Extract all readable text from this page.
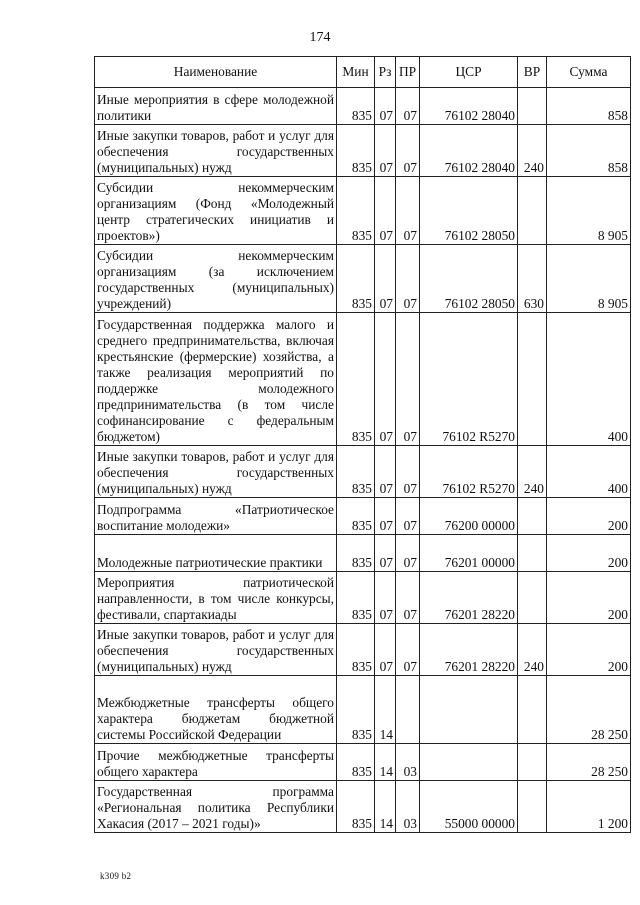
174
Наименование	Мин	Рз	ПР	ЦСР	ВР	Сумма
Иные мероприятия в сфере молодежной политики	835	07	07	76102 28040		858
Иные закупки товаров, работ и услуг для обеспечения государственных (муниципальных) нужд	835	07	07	76102 28040	240	858
Субсидии некоммерческим организациям (Фонд «Молодежный центр стратегических инициатив и проектов»)	835	07	07	76102 28050		8 905
Субсидии некоммерческим организациям (за исключением государственных (муниципальных) учреждений)	835	07	07	76102 28050	630	8 905
Государственная поддержка малого и среднего предпринимательства, включая крестьянские (фермерские) хозяйства, а также реализация мероприятий по поддержке молодежного предпринимательства (в том числе софинансирование с федеральным бюджетом)	835	07	07	76102 R5270		400
Иные закупки товаров, работ и услуг для обеспечения государственных (муниципальных) нужд	835	07	07	76102 R5270	240	400
Подпрограмма «Патриотическое воспитание молодежи»	835	07	07	76200 00000		200
Молодежные патриотические практики	835	07	07	76201 00000		200
Мероприятия патриотической направленности, в том числе конкурсы, фестивали, спартакиады	835	07	07	76201 28220		200
Иные закупки товаров, работ и услуг для обеспечения государственных (муниципальных) нужд	835	07	07	76201 28220	240	200
Межбюджетные трансферты общего характера бюджетам бюджетной системы Российской Федерации	835	14				28 250
Прочие межбюджетные трансферты общего характера	835	14	03			28 250
Государственная программа «Региональная политика Республики Хакасия (2017 – 2021 годы)»	835	14	03	55000 00000		1 200
k309 b2
